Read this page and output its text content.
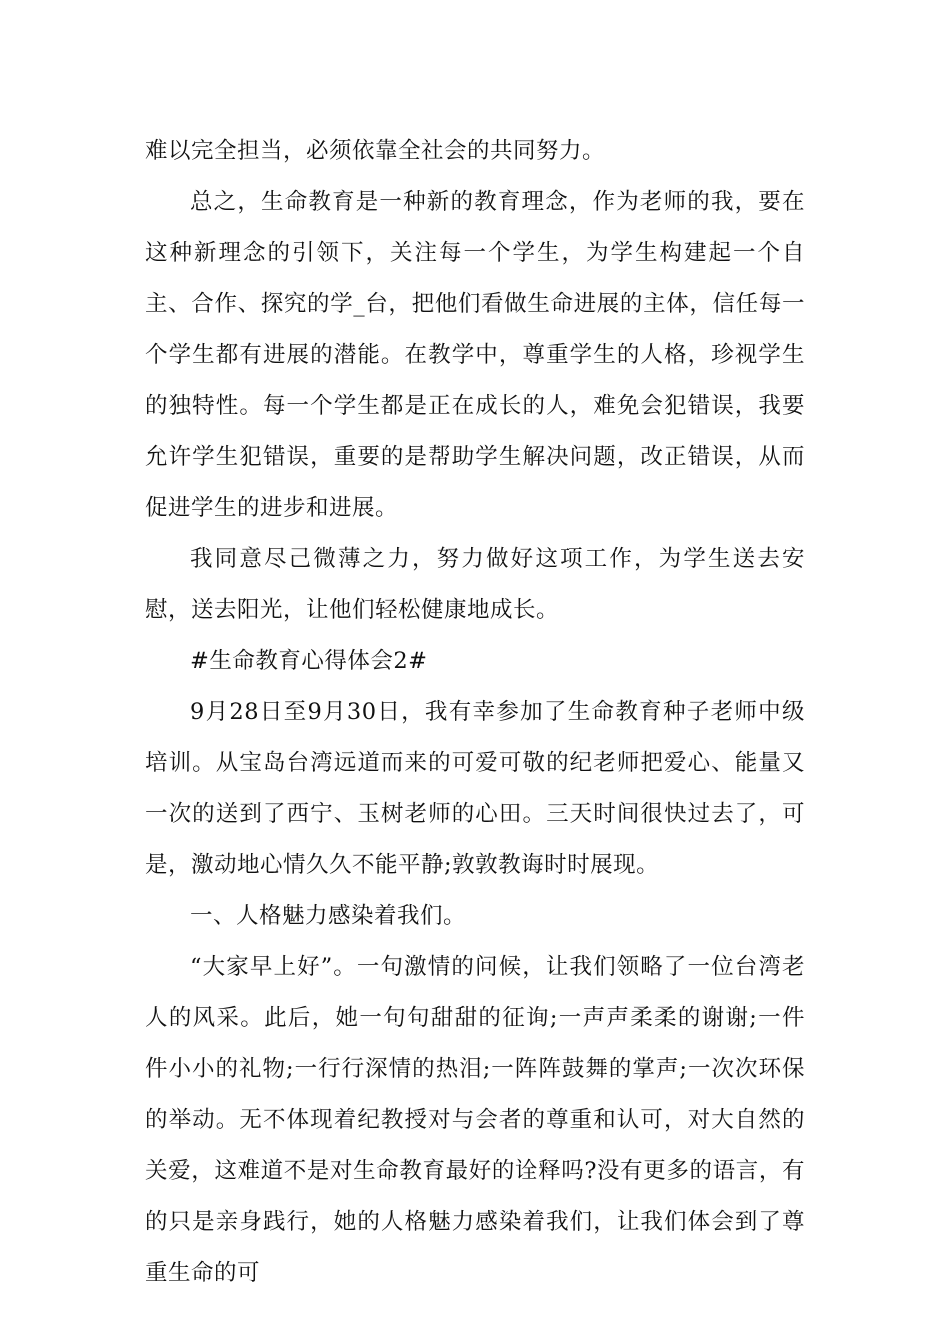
难以完全担当，必须依靠全社会的共同努力。

总之，生命教育是一种新的教育理念，作为老师的我，要在这种新理念的引领下，关注每一个学生，为学生构建起一个自主、合作、探究的学_台，把他们看做生命进展的主体，信任每一个学生都有进展的潜能。在教学中，尊重学生的人格，珍视学生的独特性。每一个学生都是正在成长的人，难免会犯错误，我要允许学生犯错误，重要的是帮助学生解决问题，改正错误，从而促进学生的进步和进展。

我同意尽己微薄之力，努力做好这项工作，为学生送去安慰，送去阳光，让他们轻松健康地成长。

#生命教育心得体会2#

9月28日至9月30日，我有幸参加了生命教育种子老师中级培训。从宝岛台湾远道而来的可爱可敬的纪老师把爱心、能量又一次的送到了西宁、玉树老师的心田。三天时间很快过去了，可是，激动地心情久久不能平静;敦敦教诲时时展现。

一、人格魅力感染着我们。

“大家早上好”。一句激情的问候，让我们领略了一位台湾老人的风采。此后，她一句句甜甜的征询;一声声柔柔的谢谢;一件件小小的礼物;一行行深情的热泪;一阵阵鼓舞的掌声;一次次环保的举动。无不体现着纪教授对与会者的尊重和认可，对大自然的关爱，这难道不是对生命教育最好的诠释吗?没有更多的语言，有的只是亲身践行，她的人格魅力感染着我们，让我们体会到了尊重生命的可
